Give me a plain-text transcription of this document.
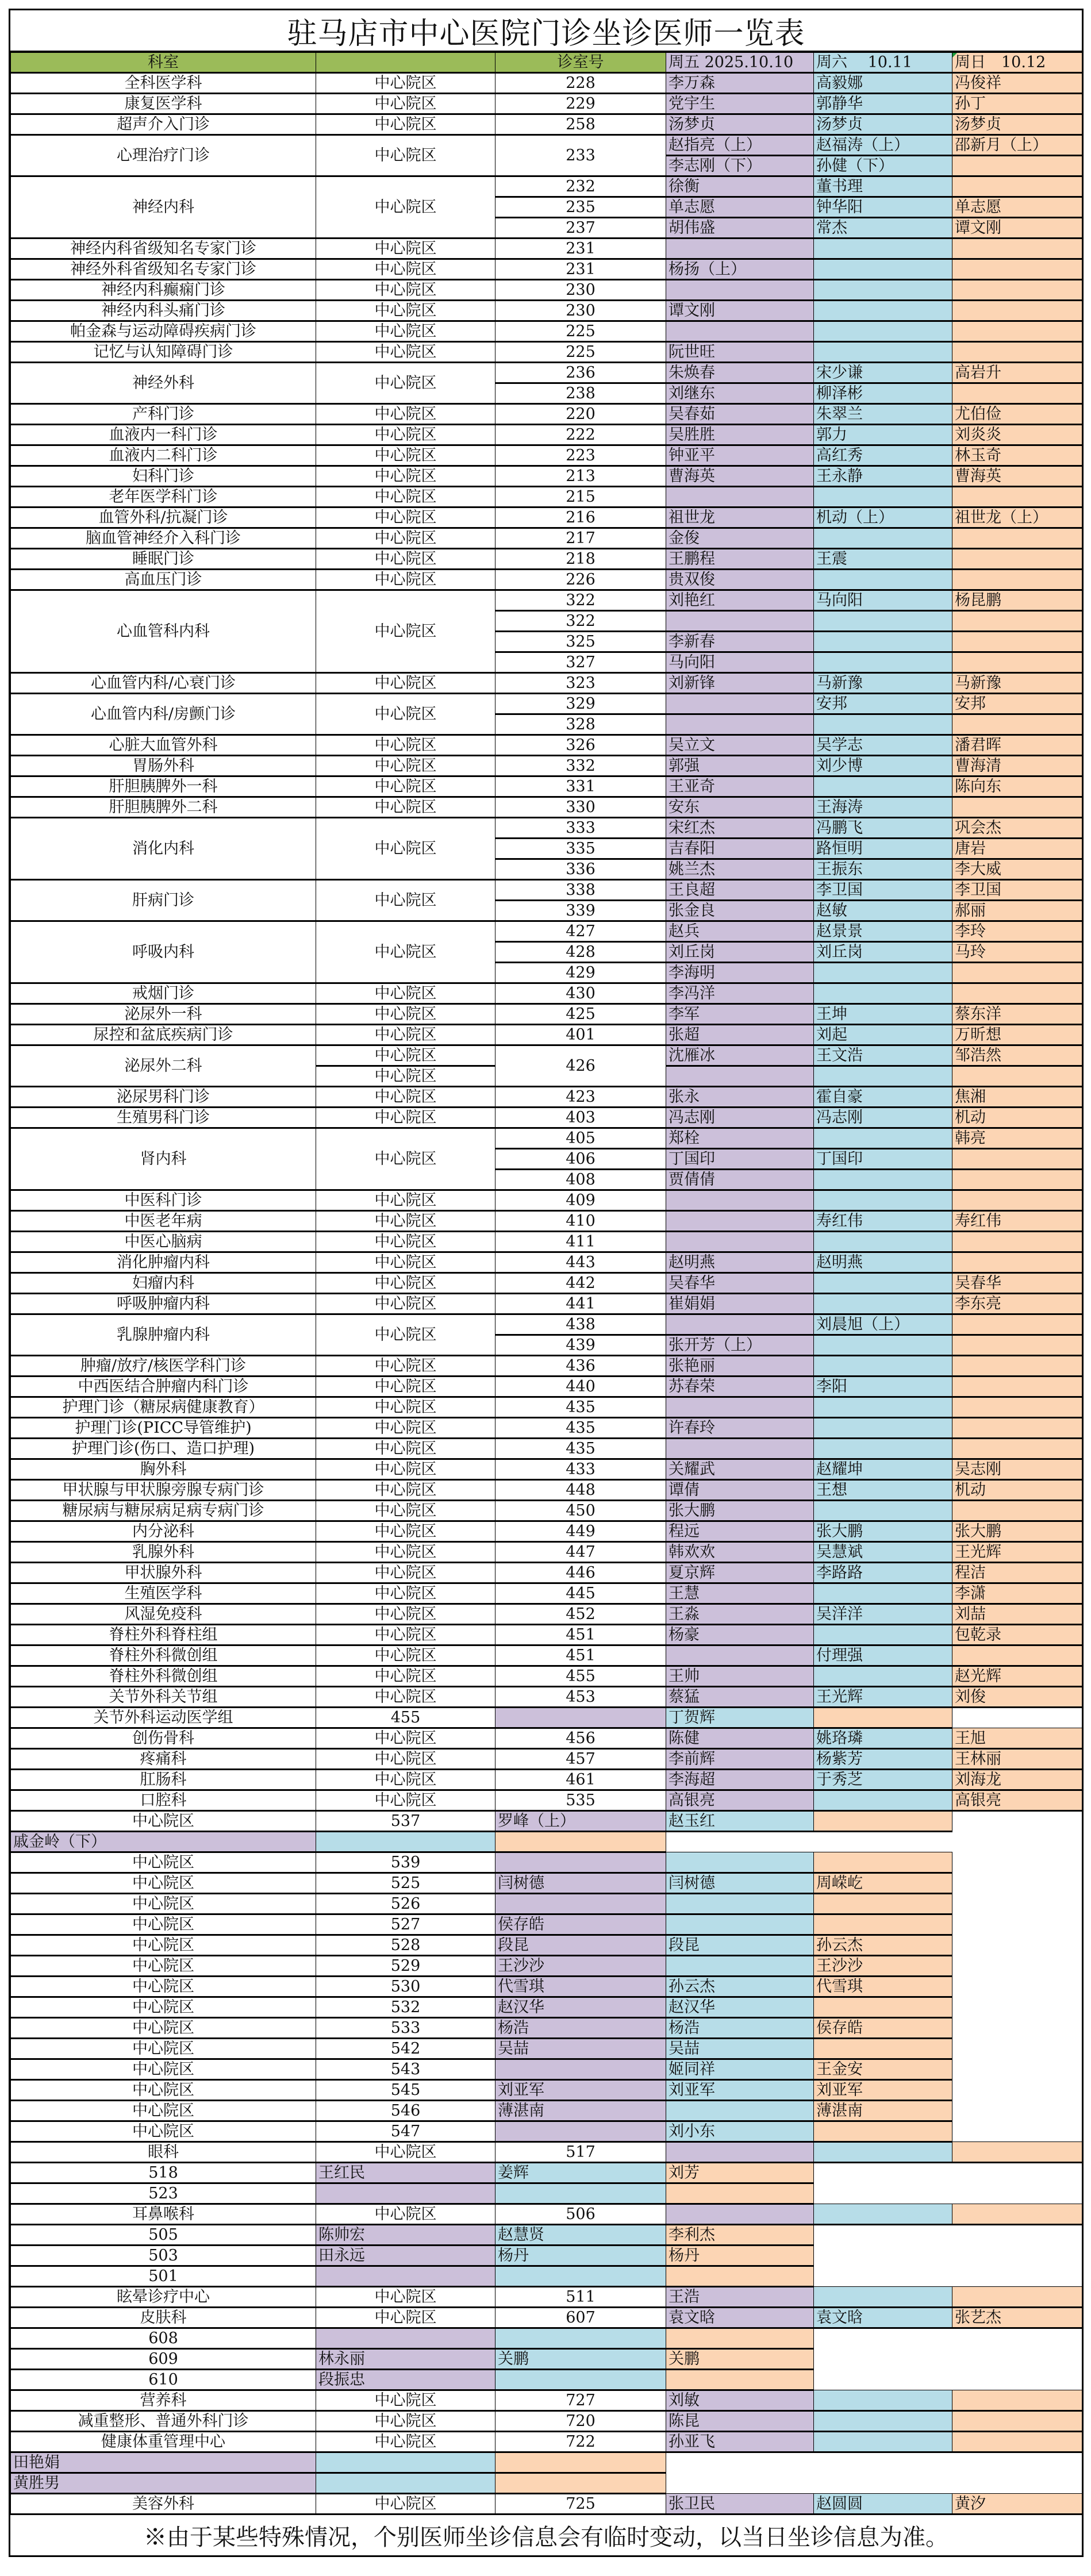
驻马店市中心医院门诊坐诊医师一览表
科室		诊室号	周五 2025.10.10	周六　 10.11	周日　10.12
全科医学科	中心院区	228	李万森	高毅娜	冯俊祥
康复医学科	中心院区	229	党宇生	郭静华	孙丁
超声介入门诊	中心院区	258	汤梦贞	汤梦贞	汤梦贞
心理治疗门诊	中心院区	233	赵指亮（上）	赵福涛（上）	邵新月（上）
			李志刚（下）	孙健（下）	
神经内科	中心院区	232	徐衡	董书理	
		235	单志愿	钟华阳	单志愿
		237	胡伟盛	常杰	谭文刚
神经内科省级知名专家门诊	中心院区	231			
神经外科省级知名专家门诊	中心院区	231	杨扬（上）		
神经内科癫痫门诊	中心院区	230			
神经内科头痛门诊	中心院区	230	谭文刚		
帕金森与运动障碍疾病门诊	中心院区	225			
记忆与认知障碍门诊	中心院区	225	阮世旺		
神经外科	中心院区	236	朱焕春	宋少谦	高岩升
		238	刘继东	柳泽彬	
产科门诊	中心院区	220	吴春茹	朱翠兰	尤伯俭
血液内一科门诊	中心院区	222	吴胜胜	郭力	刘炎炎
血液内二科门诊	中心院区	223	钟亚平	高红秀	林玉奇
妇科门诊	中心院区	213	曹海英	王永静	曹海英
老年医学科门诊	中心院区	215			
血管外科/抗凝门诊	中心院区	216	祖世龙	机动（上）	祖世龙（上）
脑血管神经介入科门诊	中心院区	217	金俊		
睡眠门诊	中心院区	218	王鹏程	王震	
高血压门诊	中心院区	226	贵双俊		
心血管科内科	中心院区	322	刘艳红	马向阳	杨昆鹏
		322			
		325	李新春		
		327	马向阳		
心血管内科/心衰门诊	中心院区	323	刘新锋	马新豫	马新豫
心血管内科/房颤门诊	中心院区	329		安邦	安邦
		328			
心脏大血管外科	中心院区	326	吴立文	吴学志	潘君晖
胃肠外科	中心院区	332	郭强	刘少博	曹海清
肝胆胰脾外一科	中心院区	331	王亚奇		陈向东
肝胆胰脾外二科	中心院区	330	安东	王海涛	
消化内科	中心院区	333	宋红杰	冯鹏飞	巩会杰
		335	吉春阳	路恒明	唐岩
		336	姚兰杰	王振东	李大威
肝病门诊	中心院区	338	王良超	李卫国	李卫国
		339	张金良	赵敏	郝丽
呼吸内科	中心院区	427	赵兵	赵景景	李玲
		428	刘丘岗	刘丘岗	马玲
		429	李海明		
戒烟门诊	中心院区	430	李冯洋		
泌尿外一科	中心院区	425	李军	王坤	蔡东洋
尿控和盆底疾病门诊	中心院区	401	张超	刘起	万昕想
泌尿外二科	中心院区	426	沈雁冰	王文浩	邹浩然
	中心院区				
泌尿男科门诊	中心院区	423	张永	霍自豪	焦湘
生殖男科门诊	中心院区	403	冯志刚	冯志刚	机动
肾内科	中心院区	405	郑栓		韩亮
		406	丁国印	丁国印	
		408	贾倩倩		
中医科门诊	中心院区	409			
中医老年病	中心院区	410		寿红伟	寿红伟
中医心脑病	中心院区	411			
消化肿瘤内科	中心院区	443	赵明燕	赵明燕	
妇瘤内科	中心院区	442	吴春华		吴春华
呼吸肿瘤内科	中心院区	441	崔娟娟		李东亮
乳腺肿瘤内科	中心院区	438		刘晨旭（上）	
		439	张开芳（上）		
肿瘤/放疗/核医学科门诊	中心院区	436	张艳丽		
中西医结合肿瘤内科门诊	中心院区	440	苏春荣	李阳	
护理门诊（糖尿病健康教育）	中心院区	435			
护理门诊(PICC导管维护)	中心院区	435	许春玲		
护理门诊(伤口、造口护理)	中心院区	435			
胸外科	中心院区	433	关耀武	赵耀坤	吴志刚
甲状腺与甲状腺旁腺专病门诊	中心院区	448	谭倩	王想	机动
糖尿病与糖尿病足病专病门诊	中心院区	450	张大鹏		
内分泌科	中心院区	449	程远	张大鹏	张大鹏
乳腺外科	中心院区	447	韩欢欢	吴慧斌	王光辉
甲状腺外科	中心院区	446	夏京辉	李路路	程洁
生殖医学科	中心院区	445	王慧		李潇
风湿免疫科	中心院区	452	王淼	吴洋洋	刘喆
脊柱外科脊柱组	中心院区	451	杨豪		包乾录
脊柱外科微创组	中心院区	451		付理强	
脊柱外科微创组	中心院区	455	王帅		赵光辉
关节外科关节组	中心院区	453	蔡猛	王光辉	刘俊
关节外科运动医学组	455		丁贺辉		
创伤骨科	中心院区	456	陈健	姚珞璘	王旭
疼痛科	中心院区	457	李前辉	杨紫芳	王林丽
肛肠科	中心院区	461	李海超	于秀芝	刘海龙
口腔科	中心院区	535	高银亮		高银亮
中心院区	537	罗峰（上）	赵玉红		
戚金岭（下）					
中心院区	539				
中心院区	525	闫树德	闫树德	周嵘屹	
中心院区	526				
中心院区	527	侯存皓			
中心院区	528	段昆	段昆	孙云杰	
中心院区	529	王沙沙		王沙沙	
中心院区	530	代雪琪	孙云杰	代雪琪	
中心院区	532	赵汉华	赵汉华		
中心院区	533	杨浩	杨浩	侯存皓	
中心院区	542	吴喆	吴喆		
中心院区	543		姬同祥	王金安	
中心院区	545	刘亚军	刘亚军	刘亚军	
中心院区	546	薄湛南		薄湛南	
中心院区	547		刘小东		
眼科	中心院区	517			
518	王红民	姜辉	刘芳		
523					
耳鼻喉科	中心院区	506			
505	陈帅宏	赵慧贤	李利杰		
503	田永远	杨丹	杨丹		
501					
眩晕诊疗中心	中心院区	511	王浩		
皮肤科	中心院区	607	袁文晗	袁文晗	张艺杰
608					
609	林永丽	关鹏	关鹏		
610	段振忠				
营养科	中心院区	727	刘敏		
减重整形、普通外科门诊	中心院区	720	陈昆		
健康体重管理中心	中心院区	722	孙亚飞		
田艳娟					
黄胜男					
美容外科	中心院区	725	张卫民	赵圆圆	黄汐
※由于某些特殊情况，个别医师坐诊信息会有临时变动，以当日坐诊信息为准。
